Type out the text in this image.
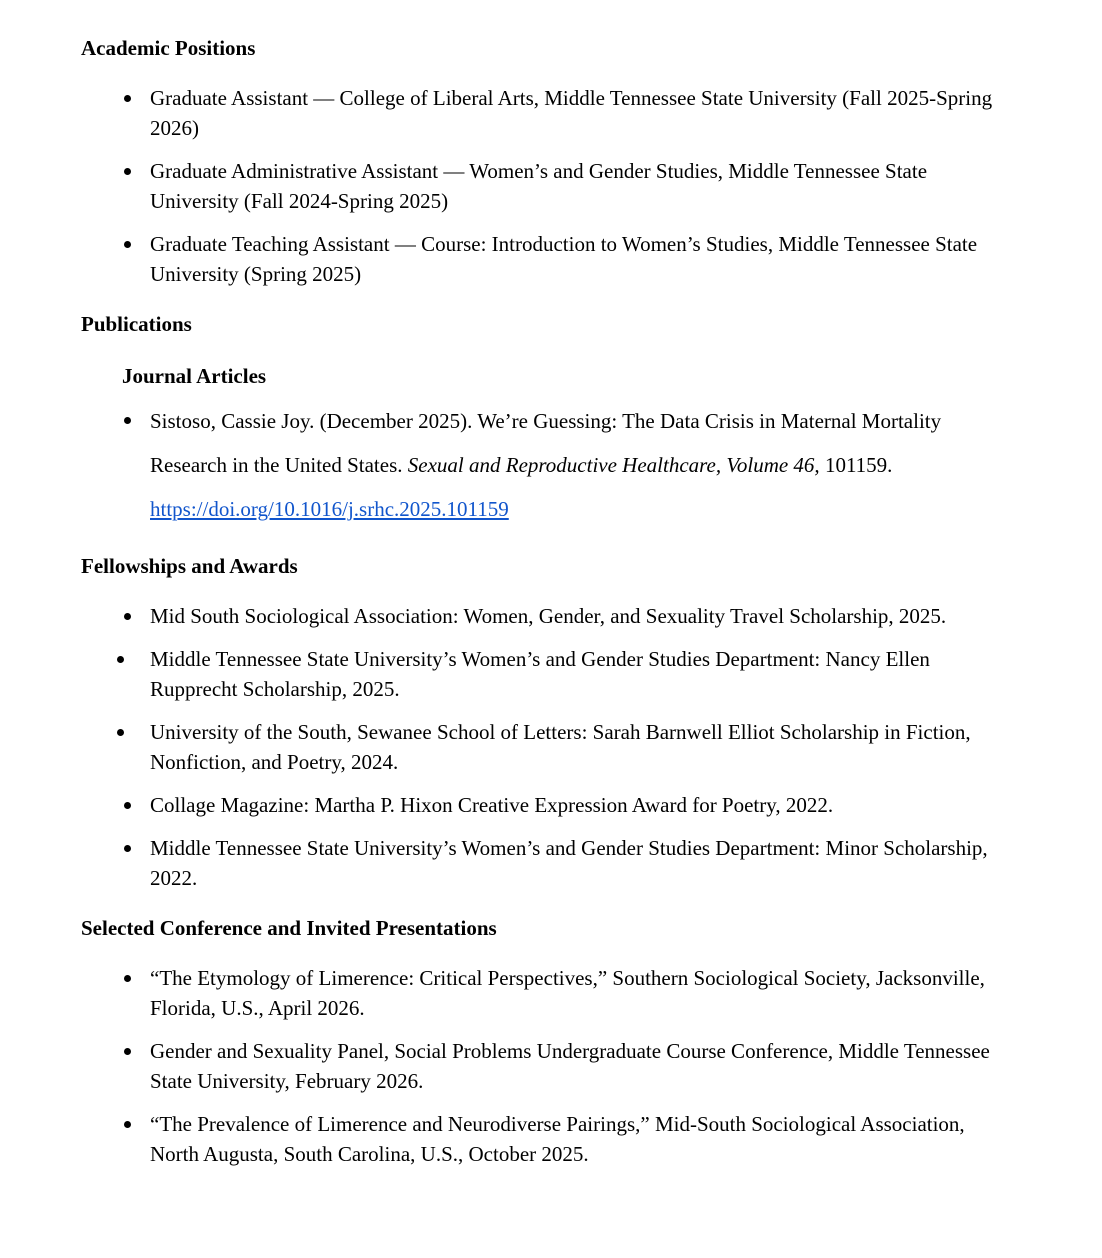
Academic Positions
Graduate Assistant — College of Liberal Arts, Middle Tennessee State University (Fall 2025-Spring 2026)
Graduate Administrative Assistant — Women’s and Gender Studies, Middle Tennessee State University (Fall 2024-Spring 2025)
Graduate Teaching Assistant — Course: Introduction to Women’s Studies, Middle Tennessee State University (Spring 2025)
Publications
Journal Articles
Sistoso, Cassie Joy. (December 2025). We’re Guessing: The Data Crisis in Maternal Mortality Research in the United States. Sexual and Reproductive Healthcare, Volume 46, 101159. https://doi.org/10.1016/j.srhc.2025.101159
Fellowships and Awards
Mid South Sociological Association: Women, Gender, and Sexuality Travel Scholarship, 2025.
Middle Tennessee State University’s Women’s and Gender Studies Department: Nancy Ellen Rupprecht Scholarship, 2025.
University of the South, Sewanee School of Letters: Sarah Barnwell Elliot Scholarship in Fiction, Nonfiction, and Poetry, 2024.
Collage Magazine: Martha P. Hixon Creative Expression Award for Poetry, 2022.
Middle Tennessee State University’s Women’s and Gender Studies Department: Minor Scholarship, 2022.
Selected Conference and Invited Presentations
“The Etymology of Limerence: Critical Perspectives,” Southern Sociological Society, Jacksonville, Florida, U.S., April 2026.
Gender and Sexuality Panel, Social Problems Undergraduate Course Conference, Middle Tennessee State University, February 2026.
“The Prevalence of Limerence and Neurodiverse Pairings,” Mid-South Sociological Association, North Augusta, South Carolina, U.S., October 2025.
